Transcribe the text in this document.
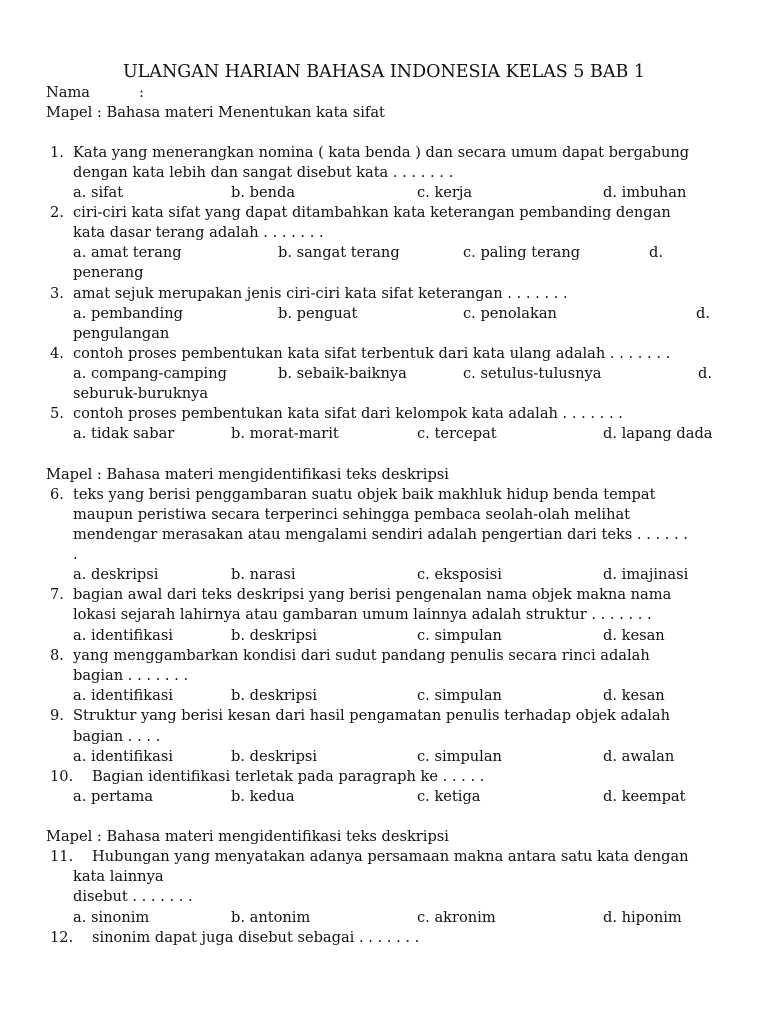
ULANGAN HARIAN BAHASA INDONESIA KELAS 5 BAB 1
Nama	:
Mapel : Bahasa materi Menentukan kata sifat
1. Kata yang menerangkan nomina ( kata benda ) dan secara umum dapat bergabung
dengan kata lebih dan sangat disebut kata . . . . . . .
a. sifat	b. benda	c. kerja	d. imbuhan
2. ciri-ciri kata sifat yang dapat ditambahkan kata keterangan pembanding dengan
kata dasar terang adalah . . . . . . .
a. amat terang	b. sangat terang	c. paling terang	d.
penerang
3. amat sejuk merupakan jenis ciri-ciri kata sifat keterangan . . . . . . .
a. pembanding	b. penguat	c. penolakan	d.
pengulangan
4. contoh proses pembentukan kata sifat terbentuk dari kata ulang adalah . . . . . . .
a. compang-camping	b. sebaik-baiknya	c. setulus-tulusnya	d.
seburuk-buruknya
5. contoh proses pembentukan kata sifat dari kelompok kata adalah . . . . . . .
a. tidak sabar	b. morat-marit	c. tercepat	d. lapang dada
Mapel : Bahasa materi mengidentifikasi teks deskripsi
6. teks yang berisi penggambaran suatu objek baik makhluk hidup benda tempat
maupun peristiwa secara terperinci sehingga pembaca seolah-olah melihat
mendengar merasakan atau mengalami sendiri adalah pengertian dari teks . . . . . .
.
a. deskripsi	b. narasi	c. eksposisi	d. imajinasi
7. bagian awal dari teks deskripsi yang berisi pengenalan nama objek makna nama
lokasi sejarah lahirnya atau gambaran umum lainnya adalah struktur . . . . . . .
a. identifikasi	b. deskripsi	c. simpulan	d. kesan
8. yang menggambarkan kondisi dari sudut pandang penulis secara rinci adalah
bagian . . . . . . .
a. identifikasi	b. deskripsi	c. simpulan	d. kesan
9. Struktur yang berisi kesan dari hasil pengamatan penulis terhadap objek adalah
bagian . . . .
a. identifikasi	b. deskripsi	c. simpulan	d. awalan
10. Bagian identifikasi terletak pada paragraph ke . . . . .
a. pertama	b. kedua	c. ketiga	d. keempat
Mapel : Bahasa materi mengidentifikasi teks deskripsi
11. Hubungan yang menyatakan adanya persamaan makna antara satu kata dengan
kata lainnya
disebut . . . . . . .
a. sinonim	b. antonim	c. akronim	d. hiponim
12. sinonim dapat juga disebut sebagai . . . . . . .
